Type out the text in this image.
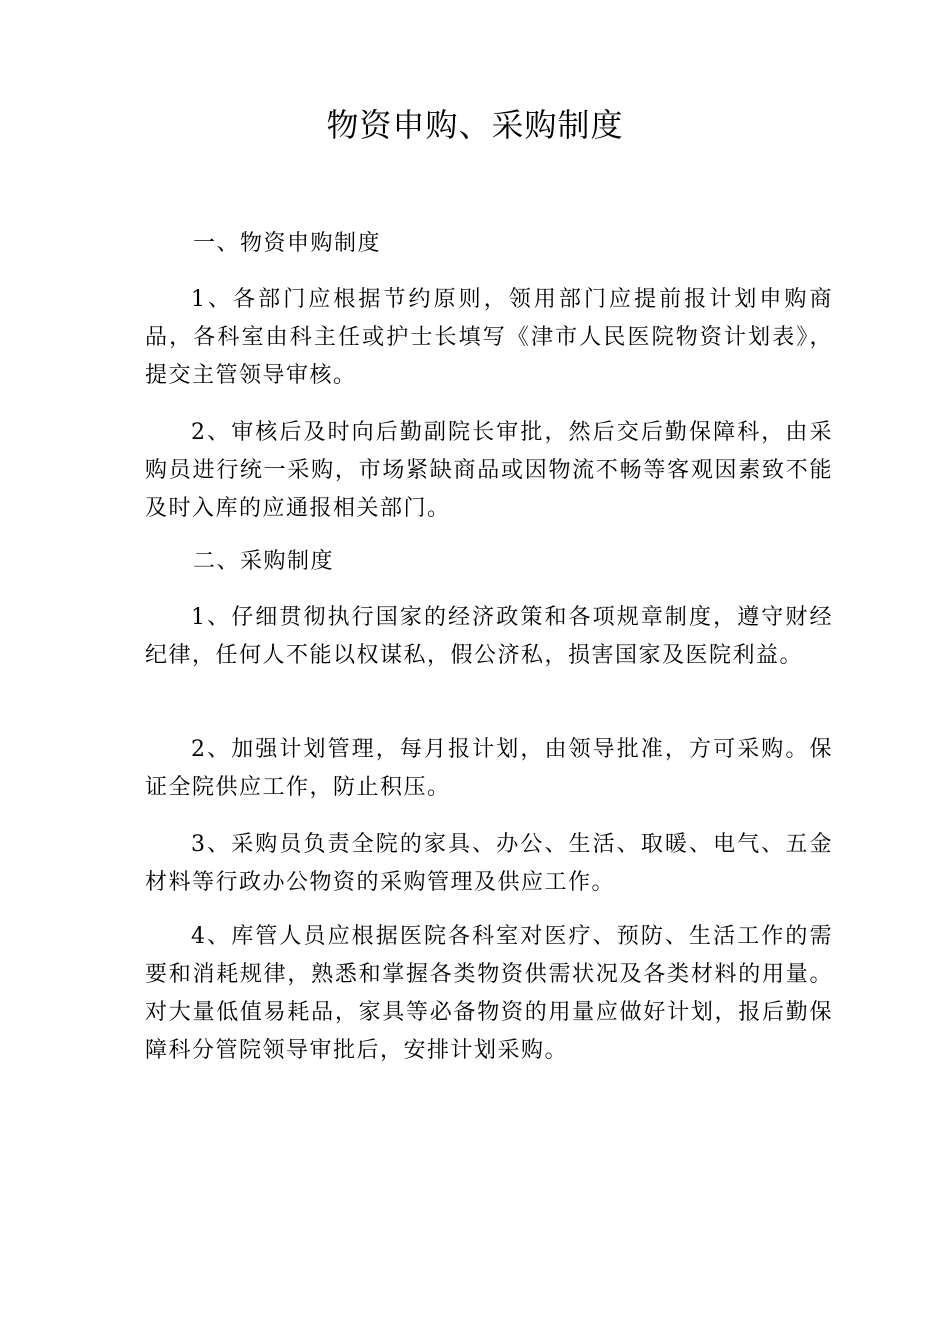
物资申购、采购制度
一、物资申购制度

1、各部门应根据节约原则，领用部门应提前报计划申购商品，各科室由科主任或护士长填写《津市人民医院物资计划表》，提交主管领导审核。

2、审核后及时向后勤副院长审批，然后交后勤保障科，由采购员进行统一采购，市场紧缺商品或因物流不畅等客观因素致不能及时入库的应通报相关部门。

二、采购制度

1、仔细贯彻执行国家的经济政策和各项规章制度，遵守财经纪律，任何人不能以权谋私，假公济私，损害国家及医院利益。

2、加强计划管理，每月报计划，由领导批准，方可采购。保证全院供应工作，防止积压。

3、采购员负责全院的家具、办公、生活、取暖、电气、五金材料等行政办公物资的采购管理及供应工作。

4、库管人员应根据医院各科室对医疗、预防、生活工作的需要和消耗规律，熟悉和掌握各类物资供需状况及各类材料的用量。对大量低值易耗品，家具等必备物资的用量应做好计划，报后勤保障科分管院领导审批后，安排计划采购。
